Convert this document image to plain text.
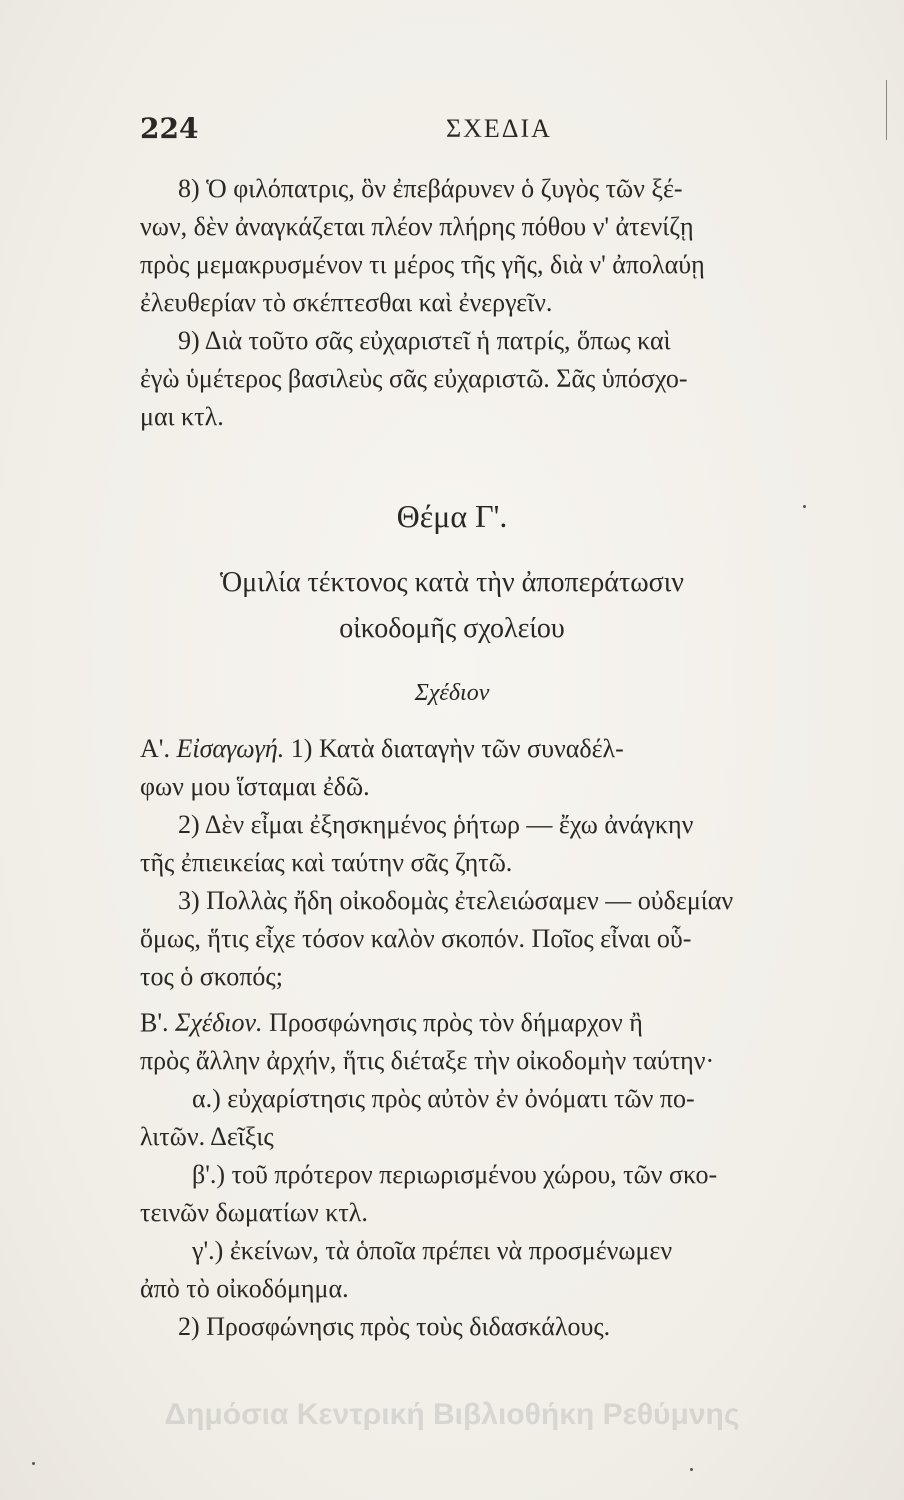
224	ΣΧΕΔΙΑ
8) Ὁ φιλόπατρις, ὃν ἐπεβάρυνεν ὁ ζυγὸς τῶν ξέ-
νων, δὲν ἀναγκάζεται πλέον πλήρης πόθου ν' ἀτενίζῃ
πρὸς μεμακρυσμένον τι μέρος τῆς γῆς, διὰ ν' ἀπολαύῃ
ἐλευθερίαν τὸ σκέπτεσθαι καὶ ἐνεργεῖν.
9) Διὰ τοῦτο σᾶς εὐχαριστεῖ ἡ πατρίς, ὅπως καὶ
ἐγὼ ὑμέτερος βασιλεὺς σᾶς εὐχαριστῶ. Σᾶς ὑπόσχο-
μαι κτλ.
Θέμα Γ'.
Ὁμιλία τέκτονος κατὰ τὴν ἀποπεράτωσιν
οἰκοδομῆς σχολείου
Σχέδιον
Α'. Εἰσαγωγή. 1) Κατὰ διαταγὴν τῶν συναδέλ-
φων μου ἵσταμαι ἐδῶ.
2) Δὲν εἶμαι ἐξησκημένος ῥήτωρ — ἔχω ἀνάγκην
τῆς ἐπιεικείας καὶ ταύτην σᾶς ζητῶ.
3) Πολλὰς ἤδη οἰκοδομὰς ἐτελειώσαμεν — οὐδεμίαν
ὅμως, ἥτις εἶχε τόσον καλὸν σκοπόν. Ποῖος εἶναι οὗ-
τος ὁ σκοπός;
Β'. Σχέδιον. Προσφώνησις πρὸς τὸν δήμαρχον ἢ
πρὸς ἄλλην ἀρχήν, ἥτις διέταξε τὴν οἰκοδομὴν ταύτην·
α.) εὐχαρίστησις πρὸς αὐτὸν ἐν ὀνόματι τῶν πο-
λιτῶν. Δεῖξις
β'.) τοῦ πρότερον περιωρισμένου χώρου, τῶν σκο-
τεινῶν δωματίων κτλ.
γ'.) ἐκείνων, τὰ ὁποῖα πρέπει νὰ προσμένωμεν
ἀπὸ τὸ οἰκοδόμημα.
2) Προσφώνησις πρὸς τοὺς διδασκάλους.
Δημόσια Κεντρική Βιβλιοθήκη Ρεθύμνης
